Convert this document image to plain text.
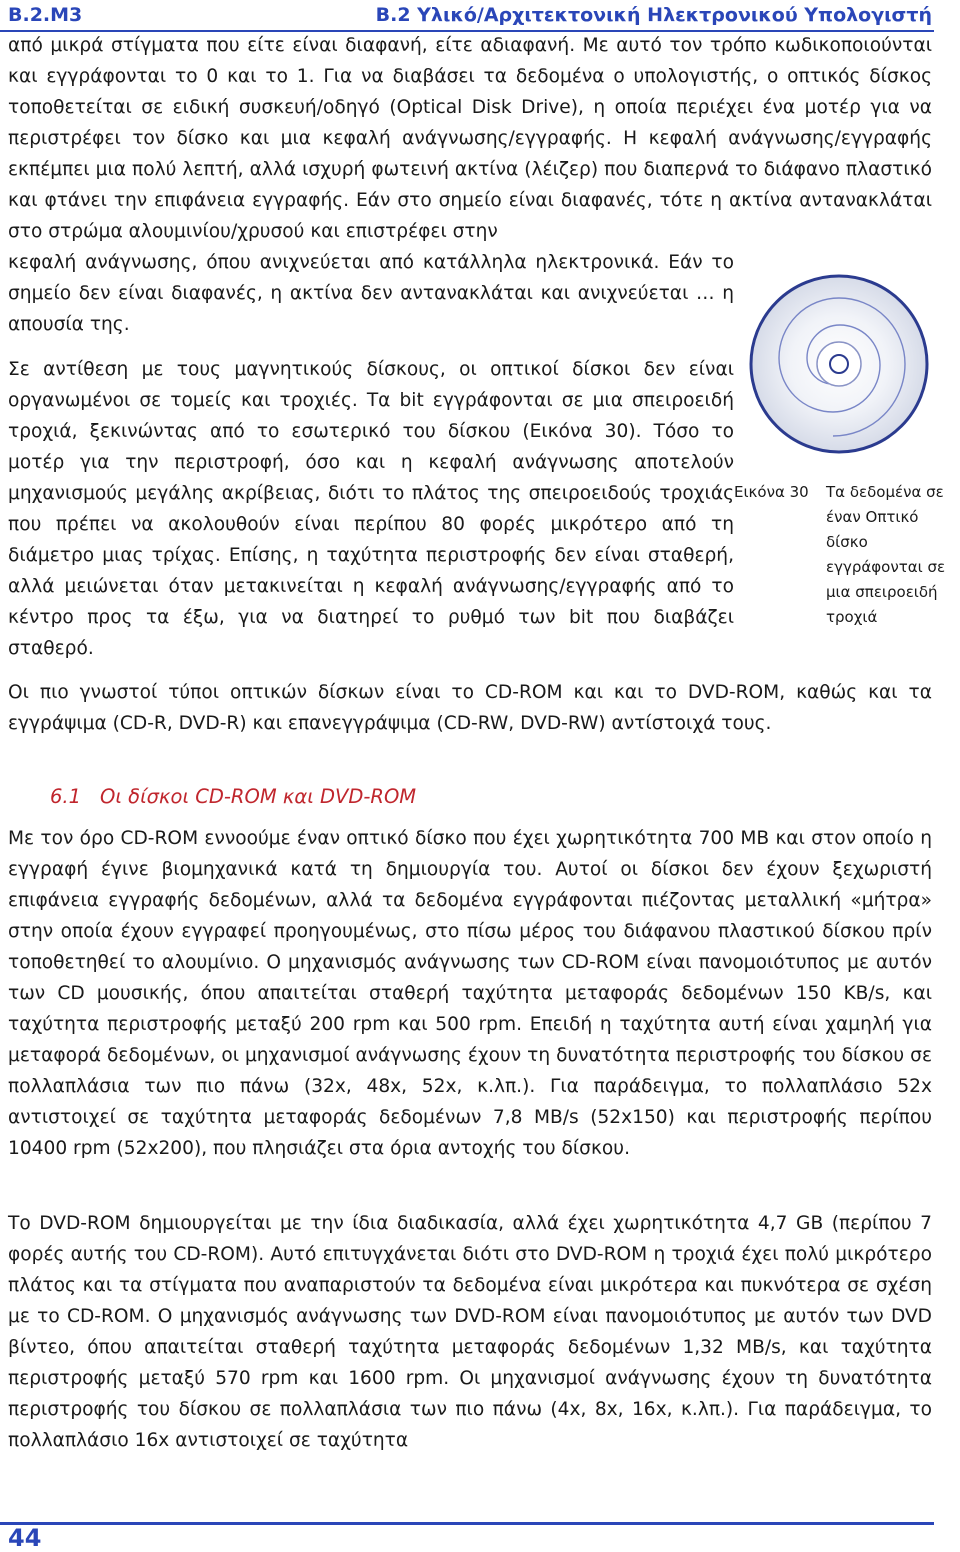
B.2.M3	B.2 Υλικό/Αρχιτεκτονική Ηλεκτρονικού Υπολογιστή

από μικρά στίγματα που είτε είναι διαφανή, είτε αδιαφανή. Με αυτό τον τρόπο κωδικοποιούνται και εγγράφονται το 0 και το 1. Για να διαβάσει τα δεδομένα ο υπολογιστής, ο οπτικός δίσκος τοποθετείται σε ειδική συσκευή/οδηγό (Optical Disk Drive), η οποία περιέχει ένα μοτέρ για να περιστρέφει τον δίσκο και μια κεφαλή ανάγνωσης/εγγραφής. Η κεφαλή ανάγνωσης/εγγραφής εκπέμπει μια πολύ λεπτή, αλλά ισχυρή φωτεινή ακτίνα (λέιζερ) που διαπερνά το διάφανο πλαστικό και φτάνει την επιφάνεια εγγραφής. Εάν στο σημείο είναι διαφανές, τότε η ακτίνα αντανακλάται στο στρώμα αλουμινίου/χρυσού και επιστρέφει στην

κεφαλή ανάγνωσης, όπου ανιχνεύεται από κατάλληλα ηλεκτρονικά. Εάν το σημείο δεν είναι διαφανές, η ακτίνα δεν αντανακλάται και ανιχνεύεται … η απουσία της.

Εικόνα 30 Τα δεδομένα σε έναν Οπτικό δίσκο εγγράφονται σε μια σπειροειδή τροχιά

Σε αντίθεση με τους μαγνητικούς δίσκους, οι οπτικοί δίσκοι δεν είναι οργανωμένοι σε τομείς και τροχιές. Τα bit εγγράφονται σε μια σπειροειδή τροχιά, ξεκινώντας από το εσωτερικό του δίσκου (Εικόνα 30). Τόσο το μοτέρ για την περιστροφή, όσο και η κεφαλή ανάγνωσης αποτελούν μηχανισμούς μεγάλης ακρίβειας, διότι το πλάτος της σπειροειδούς τροχιάς που πρέπει να ακολουθούν είναι περίπου 80 φορές μικρότερο από τη διάμετρο μιας τρίχας. Επίσης, η ταχύτητα περιστροφής δεν είναι σταθερή, αλλά μειώνεται όταν μετακινείται η κεφαλή ανάγνωσης/εγγραφής από το κέντρο προς τα έξω, για να διατηρεί το ρυθμό των bit που διαβάζει σταθερό.

Οι πιο γνωστοί τύποι οπτικών δίσκων είναι το CD-ROM και και το DVD-ROM, καθώς και τα εγγράψιμα (CD-R, DVD-R) και επανεγγράψιμα (CD-RW, DVD-RW) αντίστοιχά τους.

6.1 Οι δίσκοι CD-ROM και DVD-ROM

Με τον όρο CD-ROM εννοούμε έναν οπτικό δίσκο που έχει χωρητικότητα 700 MB και στον οποίο η εγγραφή έγινε βιομηχανικά κατά τη δημιουργία του. Αυτοί οι δίσκοι δεν έχουν ξεχωριστή επιφάνεια εγγραφής δεδομένων, αλλά τα δεδομένα εγγράφονται πιέζοντας μεταλλική «μήτρα» στην οποία έχουν εγγραφεί προηγουμένως, στο πίσω μέρος του διάφανου πλαστικού δίσκου πρίν τοποθετηθεί το αλουμίνιο. Ο μηχανισμός ανάγνωσης των CD-ROM είναι πανομοιότυπος με αυτόν των CD μουσικής, όπου απαιτείται σταθερή ταχύτητα μεταφοράς δεδομένων 150 KB/s, και ταχύτητα περιστροφής μεταξύ 200 rpm και 500 rpm. Επειδή η ταχύτητα αυτή είναι χαμηλή για μεταφορά δεδομένων, οι μηχανισμοί ανάγνωσης έχουν τη δυνατότητα περιστροφής του δίσκου σε πολλαπλάσια των πιο πάνω (32x, 48x, 52x, κ.λπ.). Για παράδειγμα, το πολλαπλάσιο 52x αντιστοιχεί σε ταχύτητα μεταφοράς δεδομένων 7,8 MB/s (52x150) και περιστροφής περίπου 10400 rpm (52x200), που πλησιάζει στα όρια αντοχής του δίσκου.

Το DVD-ROM δημιουργείται με την ίδια διαδικασία, αλλά έχει χωρητικότητα 4,7 GB (περίπου 7 φορές αυτής του CD-ROM). Αυτό επιτυγχάνεται διότι στο DVD-ROM η τροχιά έχει πολύ μικρότερο πλάτος και τα στίγματα που αναπαριστούν τα δεδομένα είναι μικρότερα και πυκνότερα σε σχέση με το CD-ROM. Ο μηχανισμός ανάγνωσης των DVD-ROM είναι πανομοιότυπος με αυτόν των DVD βίντεο, όπου απαιτείται σταθερή ταχύτητα μεταφοράς δεδομένων 1,32 MB/s, και ταχύτητα περιστροφής μεταξύ 570 rpm και 1600 rpm. Οι μηχανισμοί ανάγνωσης έχουν τη δυνατότητα περιστροφής του δίσκου σε πολλαπλάσια των πιο πάνω (4x, 8x, 16x, κ.λπ.). Για παράδειγμα, το πολλαπλάσιο 16x αντιστοιχεί σε ταχύτητα

44
